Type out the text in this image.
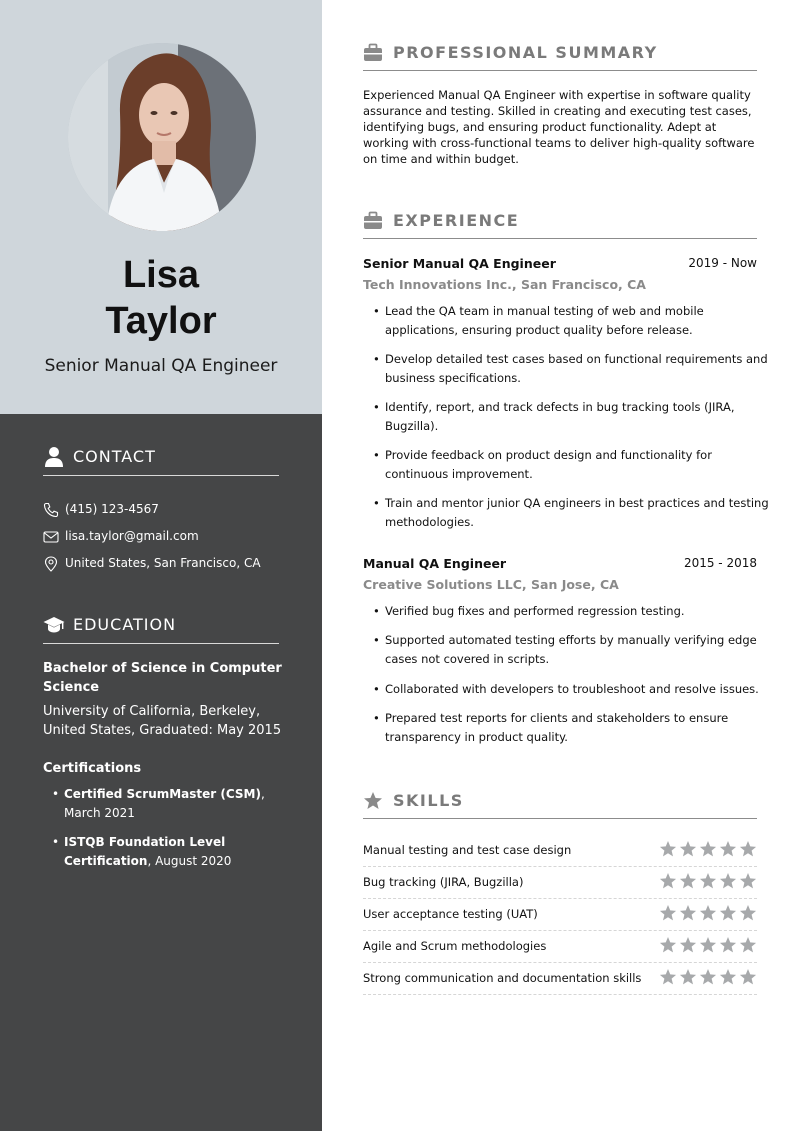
Lisa
Taylor
Senior Manual QA Engineer
CONTACT
(415) 123-4567
lisa.taylor@gmail.com
United States, San Francisco, CA
EDUCATION
Bachelor of Science in Computer Science
University of California, Berkeley, United States, Graduated: May 2015
Certifications
• Certified ScrumMaster (CSM), March 2021
• ISTQB Foundation Level Certification, August 2020
PROFESSIONAL SUMMARY
Experienced Manual QA Engineer with expertise in software quality assurance and testing. Skilled in creating and executing test cases, identifying bugs, and ensuring product functionality. Adept at working with cross-functional teams to deliver high-quality software on time and within budget.
EXPERIENCE
Senior Manual QA Engineer	2019 - Now
Tech Innovations Inc., San Francisco, CA
• Lead the QA team in manual testing of web and mobile applications, ensuring product quality before release.
• Develop detailed test cases based on functional requirements and business specifications.
• Identify, report, and track defects in bug tracking tools (JIRA, Bugzilla).
• Provide feedback on product design and functionality for continuous improvement.
• Train and mentor junior QA engineers in best practices and testing methodologies.
Manual QA Engineer	2015 - 2018
Creative Solutions LLC, San Jose, CA
• Verified bug fixes and performed regression testing.
• Supported automated testing efforts by manually verifying edge cases not covered in scripts.
• Collaborated with developers to troubleshoot and resolve issues.
• Prepared test reports for clients and stakeholders to ensure transparency in product quality.
SKILLS
Manual testing and test case design
Bug tracking (JIRA, Bugzilla)
User acceptance testing (UAT)
Agile and Scrum methodologies
Strong communication and documentation skills
